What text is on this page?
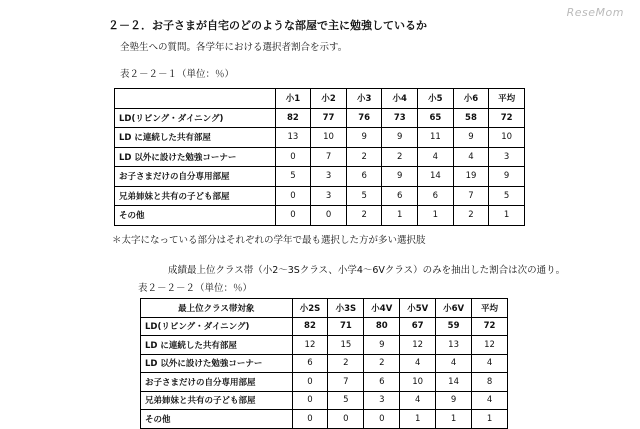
ReseMom
２－２．お子さまが自宅のどのような部屋で主に勉強しているか
全塾生への質問。各学年における選択者割合を示す。
表２－２－１（単位：％）
	小1	小2	小3	小4	小5	小6	平均
LD(リビング・ダイニング)	82	77	76	73	65	58	72
LD に連続した共有部屋	13	10	9	9	11	9	10
LD 以外に設けた勉強コーナー	0	7	2	2	4	4	3
お子さまだけの自分専用部屋	5	3	6	9	14	19	9
兄弟姉妹と共有の子ども部屋	0	3	5	6	6	7	5
その他	0	0	2	1	1	2	1
＊太字になっている部分はそれぞれの学年で最も選択した方が多い選択肢
成績最上位クラス帯（小2～3Sクラス、小学4～6Vクラス）のみを抽出した割合は次の通り。
表２－２－２（単位：％）
最上位クラス帯対象	小2S	小3S	小4V	小5V	小6V	平均
LD(リビング・ダイニング)	82	71	80	67	59	72
LD に連続した共有部屋	12	15	9	12	13	12
LD 以外に設けた勉強コーナー	6	2	2	4	4	4
お子さまだけの自分専用部屋	0	7	6	10	14	8
兄弟姉妹と共有の子ども部屋	0	5	3	4	9	4
その他	0	0	0	1	1	1
